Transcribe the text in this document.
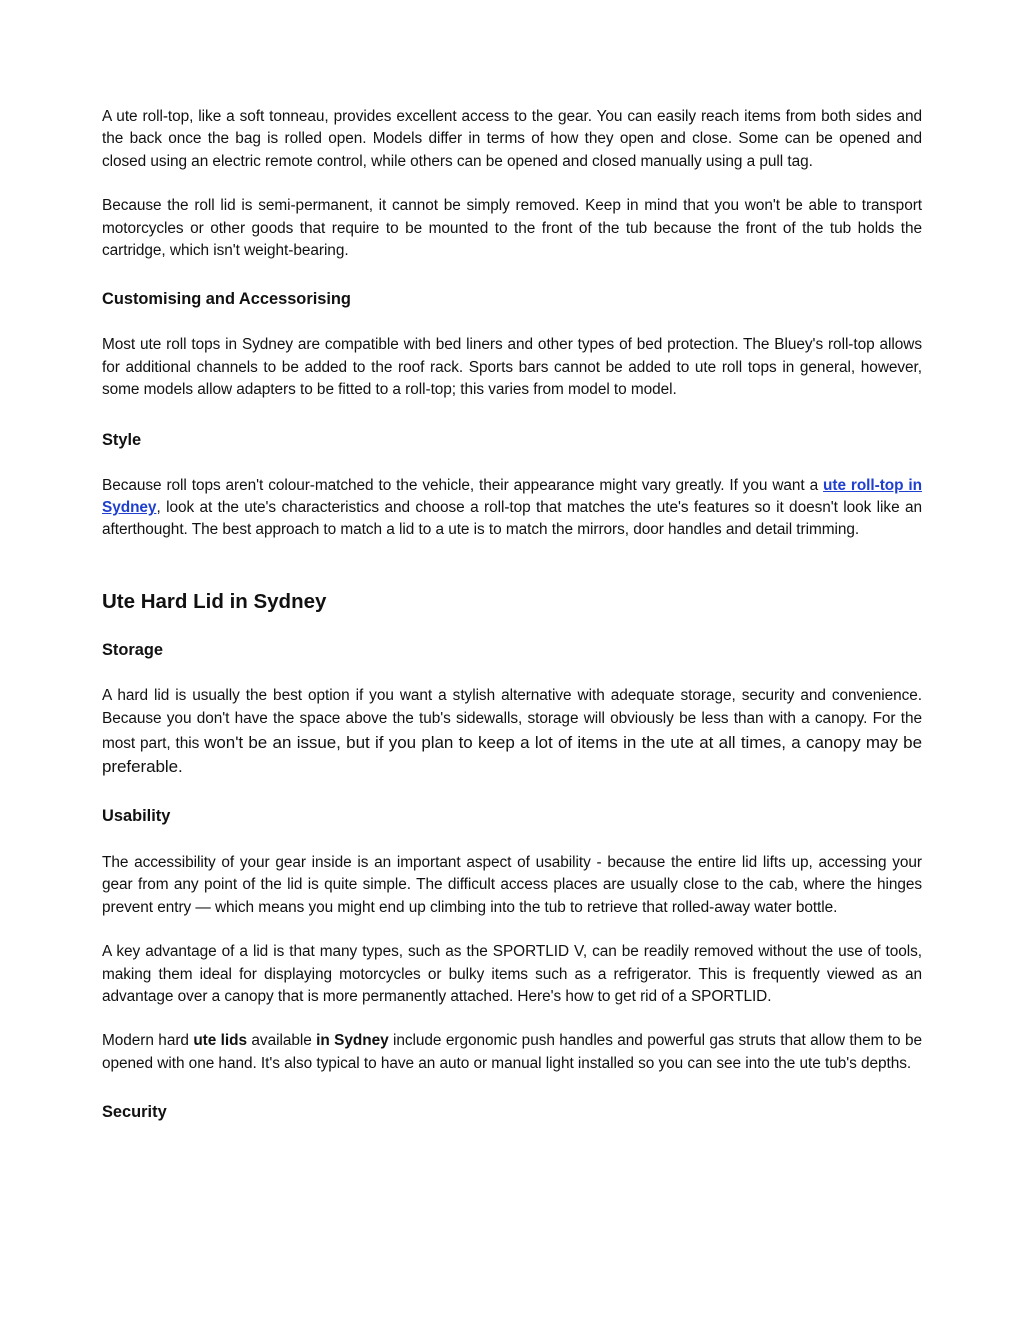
A ute roll-top, like a soft tonneau, provides excellent access to the gear. You can easily reach items from both sides and the back once the bag is rolled open. Models differ in terms of how they open and close. Some can be opened and closed using an electric remote control, while others can be opened and closed manually using a pull tag.

Because the roll lid is semi-permanent, it cannot be simply removed. Keep in mind that you won't be able to transport motorcycles or other goods that require to be mounted to the front of the tub because the front of the tub holds the cartridge, which isn't weight-bearing.

Customising and Accessorising

Most ute roll tops in Sydney are compatible with bed liners and other types of bed protection. The Bluey's roll-top allows for additional channels to be added to the roof rack. Sports bars cannot be added to ute roll tops in general, however, some models allow adapters to be fitted to a roll-top; this varies from model to model.

Style

Because roll tops aren't colour-matched to the vehicle, their appearance might vary greatly. If you want a ute roll-top in Sydney, look at the ute's characteristics and choose a roll-top that matches the ute's features so it doesn't look like an afterthought. The best approach to match a lid to a ute is to match the mirrors, door handles and detail trimming.

Ute Hard Lid in Sydney
Storage

A hard lid is usually the best option if you want a stylish alternative with adequate storage, security and convenience. Because you don't have the space above the tub's sidewalls, storage will obviously be less than with a canopy. For the most part, this won't be an issue, but if you plan to keep a lot of items in the ute at all times, a canopy may be preferable.

Usability

The accessibility of your gear inside is an important aspect of usability - because the entire lid lifts up, accessing your gear from any point of the lid is quite simple. The difficult access places are usually close to the cab, where the hinges prevent entry — which means you might end up climbing into the tub to retrieve that rolled-away water bottle.

A key advantage of a lid is that many types, such as the SPORTLID V, can be readily removed without the use of tools, making them ideal for displaying motorcycles or bulky items such as a refrigerator. This is frequently viewed as an advantage over a canopy that is more permanently attached. Here's how to get rid of a SPORTLID.

Modern hard ute lids available in Sydney include ergonomic push handles and powerful gas struts that allow them to be opened with one hand. It's also typical to have an auto or manual light installed so you can see into the ute tub's depths.

Security
